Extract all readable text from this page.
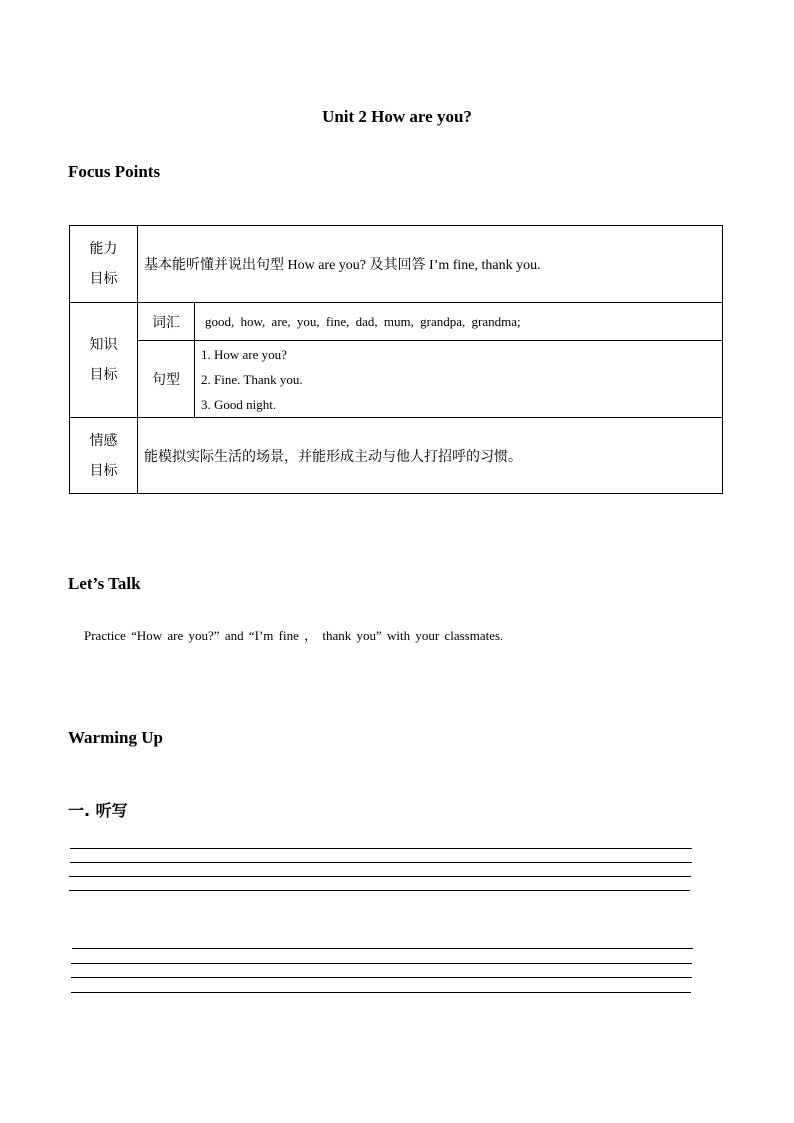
Unit 2 How are you?
Focus Points
能力
目标	基本能听懂并说出句型 How are you? 及其回答 I’m fine, thank you.	

知识
目标	词汇	good, how, are, you, fine, dad, mum, grandpa, grandma;
	句型	1. How are you?
2. Fine. Thank you.
3. Good night.

情感
目标	能模拟实际生活的场景，并能形成主动与他人打招呼的习惯。	
Let’s Talk
Practice “How are you?” and “I’m fine ， thank you” with your classmates.
Warming Up
一. 听写
